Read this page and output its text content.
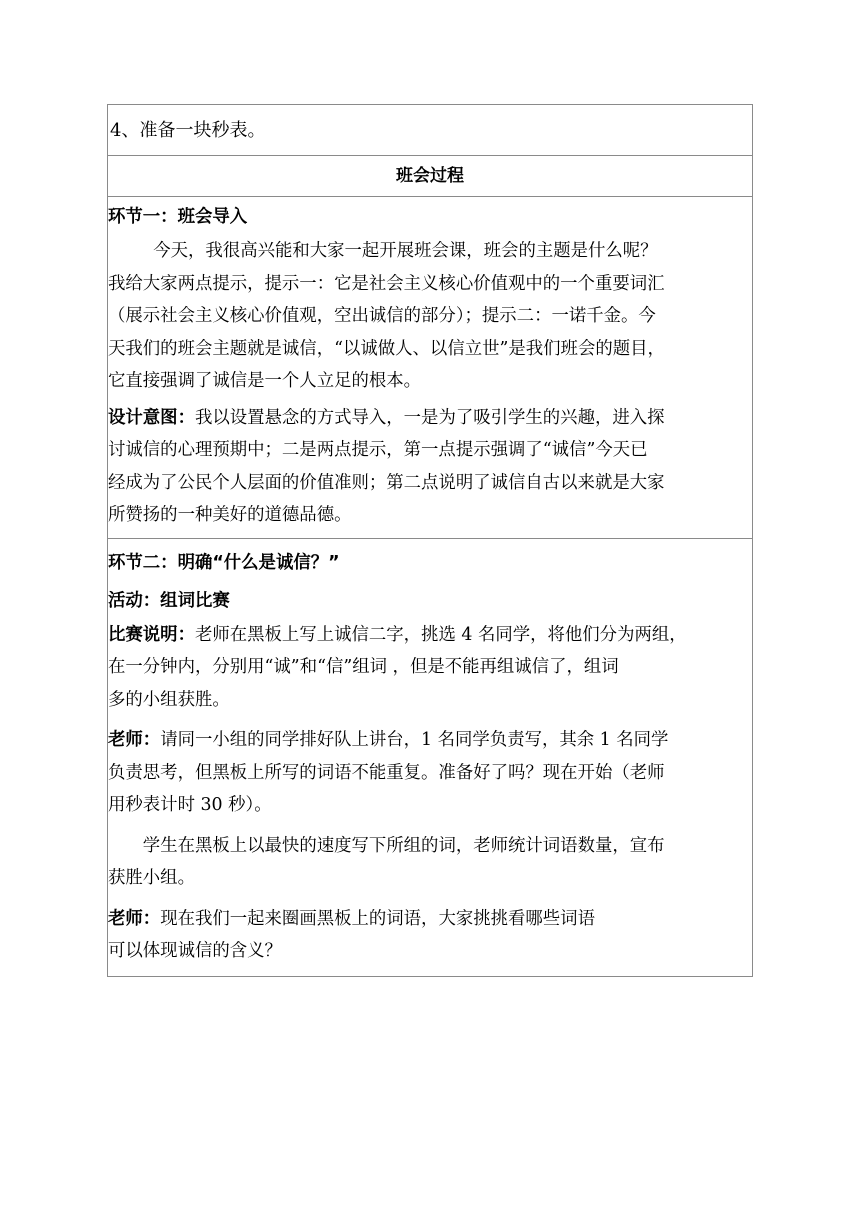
4、准备一块秒表。
班会过程
环节一：班会导入
今天，我很高兴能和大家一起开展班会课，班会的主题是什么呢？
我给大家两点提示，提示一：它是社会主义核心价值观中的一个重要词汇
（展示社会主义核心价值观，空出诚信的部分）；提示二：一诺千金。今
天我们的班会主题就是诚信，“以诚做人、以信立世”是我们班会的题目，
它直接强调了诚信是一个人立足的根本。
设计意图：我以设置悬念的方式导入，一是为了吸引学生的兴趣，进入探
讨诚信的心理预期中；二是两点提示，第一点提示强调了“诚信”今天已
经成为了公民个人层面的价值准则；第二点说明了诚信自古以来就是大家
所赞扬的一种美好的道德品德。
环节二：明确“什么是诚信？”
活动：组词比赛
比赛说明：老师在黑板上写上诚信二字，挑选 4 名同学，将他们分为两组，
在一分钟内，分别用“诚”和“信”组词 ，但是不能再组诚信了，组词
多的小组获胜。
老师：请同一小组的同学排好队上讲台，1 名同学负责写，其余 1 名同学
负责思考，但黑板上所写的词语不能重复。准备好了吗？现在开始（老师
用秒表计时 30 秒）。
学生在黑板上以最快的速度写下所组的词，老师统计词语数量，宣布
获胜小组。
老师：现在我们一起来圈画黑板上的词语，大家挑挑看哪些词语
可以体现诚信的含义？
